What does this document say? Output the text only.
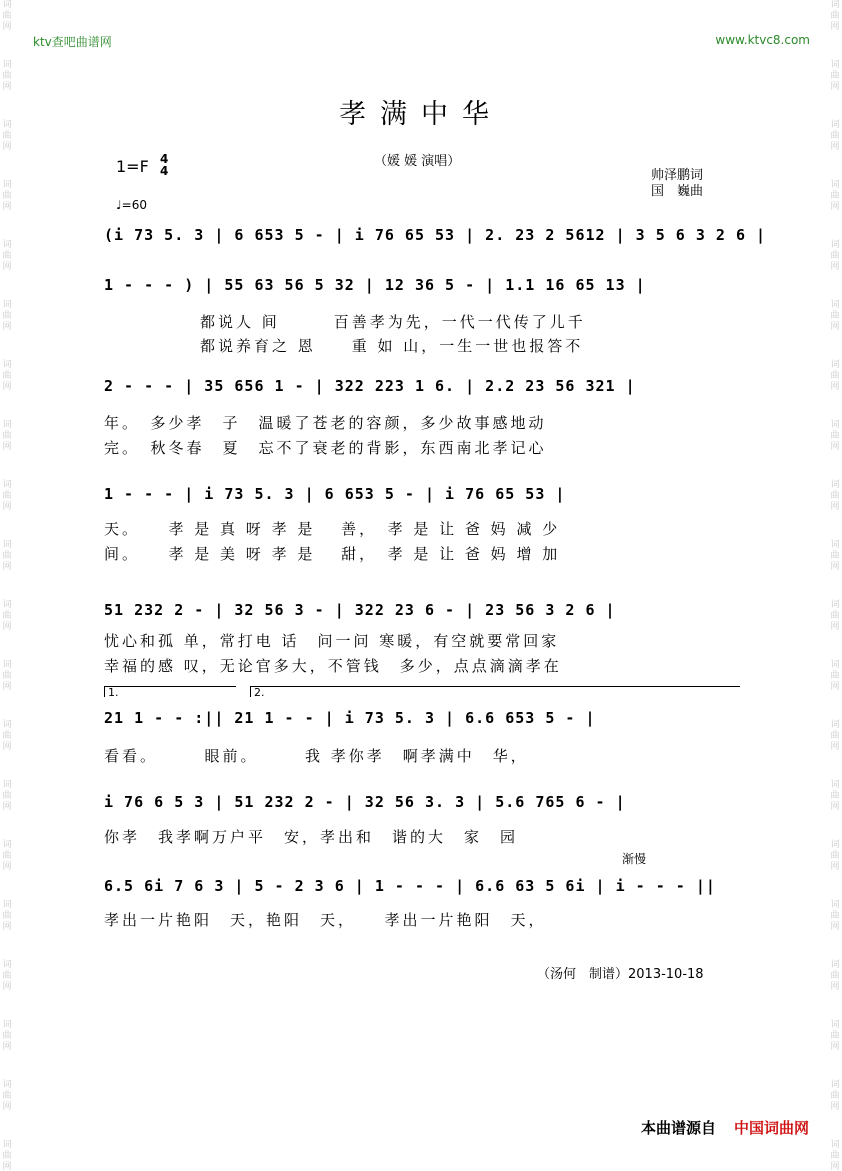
词曲网
词曲网
词曲网
词曲网
词曲网
词曲网
词曲网
词曲网
词曲网
词曲网
词曲网
词曲网
词曲网
词曲网
词曲网
词曲网
词曲网
词曲网
词曲网
词曲网
词曲网
词曲网
词曲网
词曲网
词曲网
词曲网
词曲网
词曲网
词曲网
词曲网
词曲网
词曲网
词曲网
词曲网
词曲网
词曲网
词曲网
词曲网
词曲网
词曲网
ktv查吧曲谱网	www.ktvc8.com
孝满中华
1=F 4
4
♩=60
（媛 媛 演唱）
帅泽鹏词
国　巍曲
(i 73 5. 3 | 6 653 5 - | i 76 65 53 | 2. 23 2 5612 | 3 5 6 3 2 6 |
1 - - - ) | 55 63 56 5 32 | 12 36 5 - | 1.1 16 65 13 |
都说人 间　　　百善孝为先，一代一代传了儿千
都说养育之 恩　　重 如 山，一生一世也报答不
2 - - - | 35 656 1 - | 322 223 1 6. | 2.2 23 56 321 |
年。　多少孝　子　温暖了苍老的容颜，多少故事感地动
完。　秋冬春　夏　忘不了衰老的背影，东西南北孝记心
1 - - - | i 73 5. 3 | 6 653 5 - | i 76 65 53 |
天。　　孝 是 真 呀 孝 是　 善，　孝 是 让 爸 妈 减 少
间。　　孝 是 美 呀 孝 是　 甜，　孝 是 让 爸 妈 增 加
51 232 2 - | 32 56 3 - | 322 23 6 - | 23 56 3 2 6 |
忧心和孤 单，常打电 话　问一问 寒暖，有空就要常回家
幸福的感 叹，无论官多大，不管钱　多少，点点滴滴孝在
1.	2.
21 1 - - :|| 21 1 - - | i 73 5. 3 | 6.6 653 5 - |
看看。　　　眼前。　　　我 孝你孝　啊孝满中　华，
i 76 6 5 3 | 51 232 2 - | 32 56 3. 3 | 5.6 765 6 - |
你孝　我孝啊万户平　安，孝出和　谐的大　家　园
渐慢
6.5 6i 7 6 3 | 5 - 2 3 6 | 1 - - - | 6.6 63 5 6i | i - - - ||
孝出一片艳阳　天，艳阳　天，　　孝出一片艳阳　天，
（汤何　制谱）2013-10-18
本曲谱源自 中国词曲网
